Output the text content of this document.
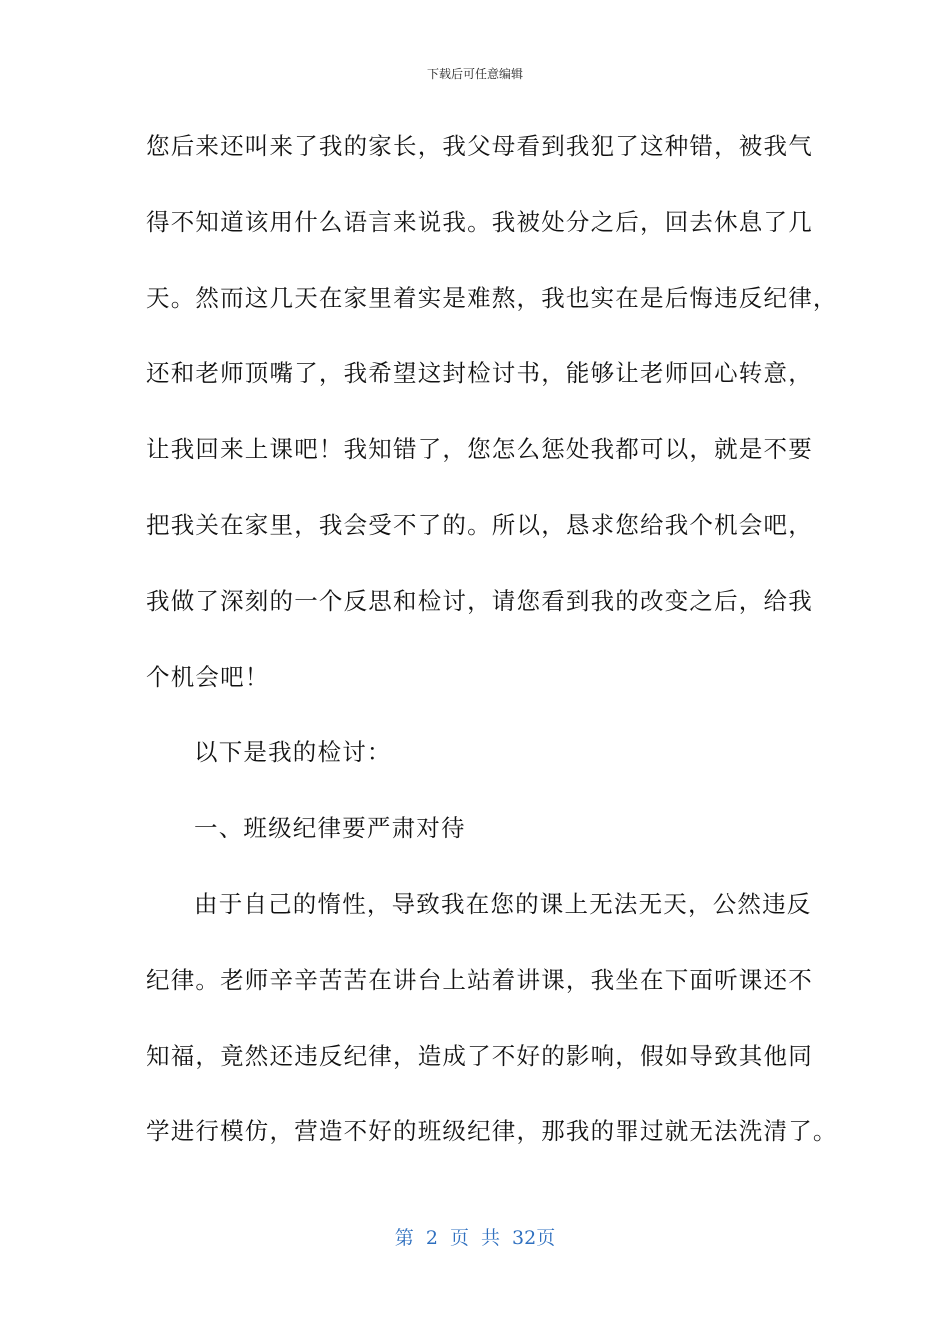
下载后可任意编辑
您后来还叫来了我的家长，我父母看到我犯了这种错，被我气
得不知道该用什么语言来说我。我被处分之后，回去休息了几
天。然而这几天在家里着实是难熬，我也实在是后悔违反纪律，
还和老师顶嘴了，我希望这封检讨书，能够让老师回心转意，
让我回来上课吧！我知错了，您怎么惩处我都可以，就是不要
把我关在家里，我会受不了的。所以，恳求您给我个机会吧，
我做了深刻的一个反思和检讨，请您看到我的改变之后，给我
个机会吧！
以下是我的检讨：
一、班级纪律要严肃对待
由于自己的惰性，导致我在您的课上无法无天，公然违反
纪律。老师辛辛苦苦在讲台上站着讲课，我坐在下面听课还不
知福，竟然还违反纪律，造成了不好的影响，假如导致其他同
学进行模仿，营造不好的班级纪律，那我的罪过就无法洗清了。
第 2 页 共 32页
